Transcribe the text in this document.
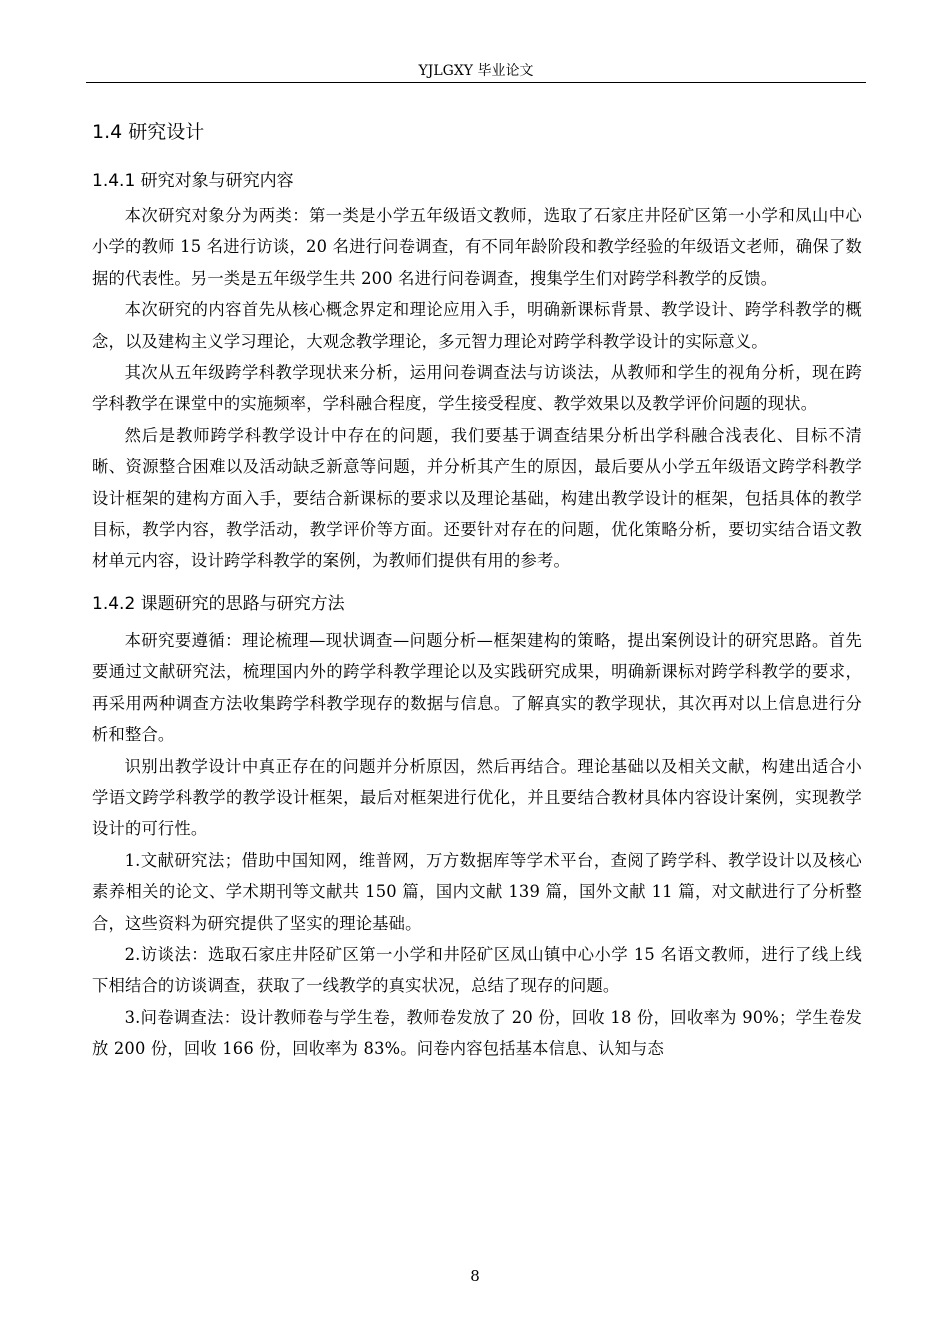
YJLGXY 毕业论文
1.4 研究设计
1.4.1 研究对象与研究内容

本次研究对象分为两类：第一类是小学五年级语文教师，选取了石家庄井陉矿区第一小学和凤山中心小学的教师 15 名进行访谈，20 名进行问卷调查，有不同年龄阶段和教学经验的年级语文老师，确保了数据的代表性。另一类是五年级学生共 200 名进行问卷调查，搜集学生们对跨学科教学的反馈。

本次研究的内容首先从核心概念界定和理论应用入手，明确新课标背景、教学设计、跨学科教学的概念，以及建构主义学习理论，大观念教学理论，多元智力理论对跨学科教学设计的实际意义。

其次从五年级跨学科教学现状来分析，运用问卷调查法与访谈法，从教师和学生的视角分析，现在跨学科教学在课堂中的实施频率，学科融合程度，学生接受程度、教学效果以及教学评价问题的现状。

然后是教师跨学科教学设计中存在的问题，我们要基于调查结果分析出学科融合浅表化、目标不清晰、资源整合困难以及活动缺乏新意等问题，并分析其产生的原因，最后要从小学五年级语文跨学科教学设计框架的建构方面入手，要结合新课标的要求以及理论基础，构建出教学设计的框架，包括具体的教学目标，教学内容，教学活动，教学评价等方面。还要针对存在的问题，优化策略分析，要切实结合语文教材单元内容，设计跨学科教学的案例，为教师们提供有用的参考。

1.4.2 课题研究的思路与研究方法

本研究要遵循：理论梳理—现状调查—问题分析—框架建构的策略，提出案例设计的研究思路。首先要通过文献研究法，梳理国内外的跨学科教学理论以及实践研究成果，明确新课标对跨学科教学的要求，再采用两种调查方法收集跨学科教学现存的数据与信息。了解真实的教学现状，其次再对以上信息进行分析和整合。

识别出教学设计中真正存在的问题并分析原因，然后再结合。理论基础以及相关文献，构建出适合小学语文跨学科教学的教学设计框架，最后对框架进行优化，并且要结合教材具体内容设计案例，实现教学设计的可行性。

1.文献研究法；借助中国知网，维普网，万方数据库等学术平台，查阅了跨学科、教学设计以及核心素养相关的论文、学术期刊等文献共 150 篇，国内文献 139 篇，国外文献 11 篇，对文献进行了分析整合，这些资料为研究提供了坚实的理论基础。

2.访谈法：选取石家庄井陉矿区第一小学和井陉矿区凤山镇中心小学 15 名语文教师，进行了线上线下相结合的访谈调查，获取了一线教学的真实状况，总结了现存的问题。

3.问卷调查法：设计教师卷与学生卷，教师卷发放了 20 份，回收 18 份，回收率为 90%；学生卷发放 200 份，回收 166 份，回收率为 83%。问卷内容包括基本信息、认知与态

8
